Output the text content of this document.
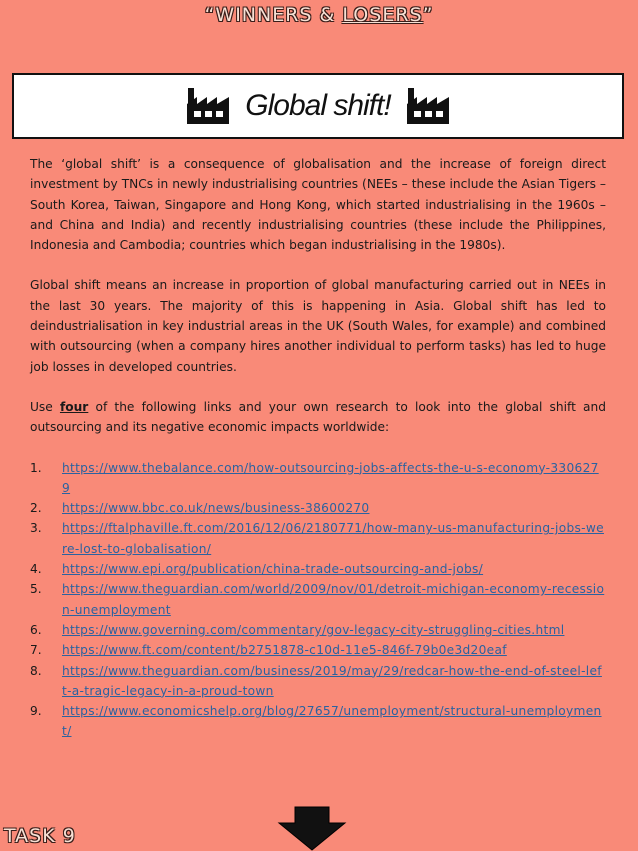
“WINNERS & LOSERS”
Global shift!

The ‘global shift’ is a consequence of globalisation and the increase of foreign direct investment by TNCs in newly industrialising countries (NEEs – these include the Asian Tigers – South Korea, Taiwan, Singapore and Hong Kong, which started industrialising in the 1960s – and China and India) and recently industrialising countries (these include the Philippines, Indonesia and Cambodia; countries which began industrialising in the 1980s).

Global shift means an increase in proportion of global manufacturing carried out in NEEs in the last 30 years. The majority of this is happening in Asia. Global shift has led to deindustrialisation in key industrial areas in the UK (South Wales, for example) and combined with outsourcing (when a company hires another individual to perform tasks) has led to huge job losses in developed countries.

Use four of the following links and your own research to look into the global shift and outsourcing and its negative economic impacts worldwide:

1.	https://www.thebalance.com/how-outsourcing-jobs-affects-the-u-s-economy-3306279
2.	https://www.bbc.co.uk/news/business-38600270
3.	https://ftalphaville.ft.com/2016/12/06/2180771/how-many-us-manufacturing-jobs-were-lost-to-globalisation/
4.	https://www.epi.org/publication/china-trade-outsourcing-and-jobs/
5.	https://www.theguardian.com/world/2009/nov/01/detroit-michigan-economy-recession-unemployment
6.	https://www.governing.com/commentary/gov-legacy-city-struggling-cities.html
7.	https://www.ft.com/content/b2751878-c10d-11e5-846f-79b0e3d20eaf
8.	https://www.theguardian.com/business/2019/may/29/redcar-how-the-end-of-steel-left-a-tragic-legacy-in-a-proud-town
9.	https://www.economicshelp.org/blog/27657/unemployment/structural-unemployment/
TASK 9
